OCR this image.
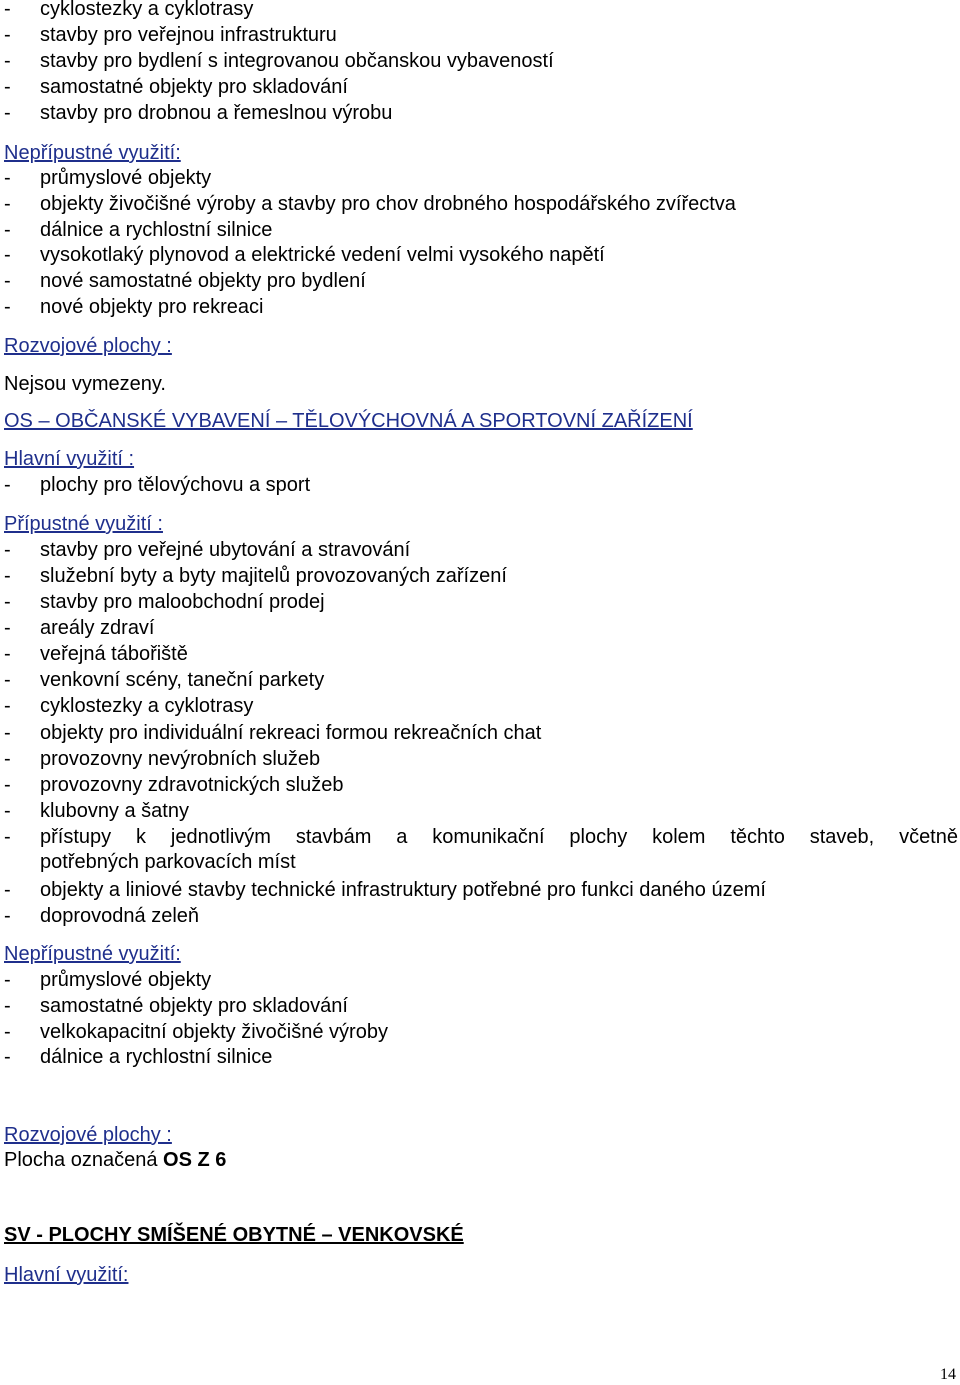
- cyklostezky a cyklotrasy
- stavby pro veřejnou infrastrukturu
- stavby pro bydlení s integrovanou občanskou vybaveností
- samostatné objekty pro skladování
- stavby pro drobnou a řemeslnou výrobu
Nepřípustné využití:
- průmyslové objekty
- objekty živočišné výroby a stavby pro chov drobného hospodářského zvířectva
- dálnice a rychlostní silnice
- vysokotlaký plynovod a elektrické vedení velmi vysokého napětí
- nové samostatné objekty pro bydlení
- nové objekty pro rekreaci
Rozvojové plochy :
Nejsou vymezeny.
OS – OBČANSKÉ VYBAVENÍ – TĚLOVÝCHOVNÁ A SPORTOVNÍ ZAŘÍZENÍ
Hlavní využití :
- plochy pro tělovýchovu a sport
Přípustné využití :
- stavby pro veřejné ubytování a stravování
- služební byty a byty majitelů provozovaných zařízení
- stavby pro maloobchodní prodej
- areály zdraví
- veřejná tábořiště
- venkovní scény, taneční parkety
- cyklostezky a cyklotrasy
- objekty pro individuální rekreaci formou rekreačních chat
- provozovny nevýrobních služeb
- provozovny zdravotnických služeb
- klubovny a šatny
- přístupy k jednotlivým stavbám a komunikační plochy kolem těchto staveb, včetně
potřebných parkovacích míst
- objekty a liniové stavby technické infrastruktury potřebné pro funkci daného území
- doprovodná zeleň
Nepřípustné využití:
- průmyslové objekty
- samostatné objekty pro skladování
- velkokapacitní objekty živočišné výroby
- dálnice a rychlostní silnice
Rozvojové plochy :
Plocha označená OS Z 6
SV - PLOCHY SMÍŠENÉ OBYTNÉ – VENKOVSKÉ
Hlavní využití:
14
